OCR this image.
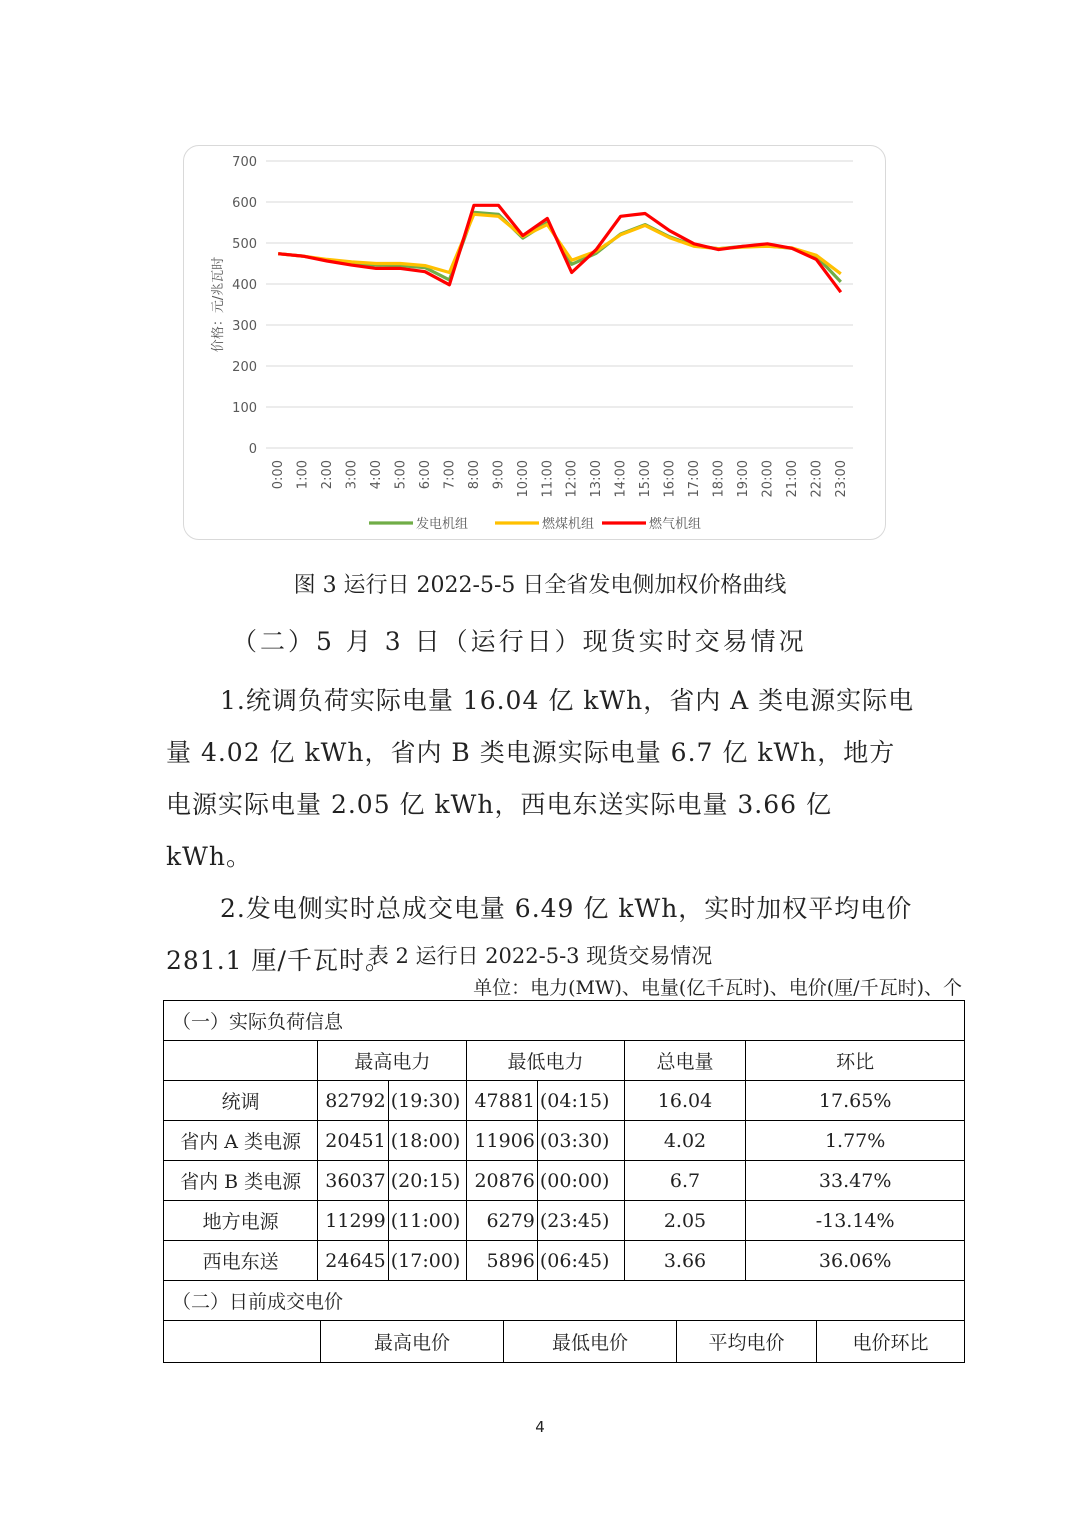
0
100
200
300
400
500
600
700
0:00 1:00 2:00 3:00 4:00 5:00 6:00 7:00 8:00 9:00 10:00 11:00 12:00 13:00 14:00 15:00 16:00 17:00 18:00 19:00 20:00 21:00 22:00 23:00
价格：元/兆瓦时
发电机组	燃煤机组	燃气机组
图 3 运行日 2022-5-5 日全省发电侧加权价格曲线
（二）5 月 3 日（运行日）现货实时交易情况

1.统调负荷实际电量 16.04 亿 kWh，省内 A 类电源实际电量 4.02 亿 kWh，省内 B 类电源实际电量 6.7 亿 kWh，地方电源实际电量 2.05 亿 kWh，西电东送实际电量 3.66 亿 kWh。

2.发电侧实时总成交电量 6.49 亿 kWh，实时加权平均电价 281.1 厘/千瓦时。

表 2 运行日 2022-5-3 现货交易情况
单位：电力(MW)、电量(亿千瓦时)、电价(厘/千瓦时)、个
（一）实际负荷信息						
	最高电力		最低电力		总电量	环比
统调	82792	(19:30)	47881	(04:15)	16.04	17.65%
省内 A 类电源	20451	(18:00)	11906	(03:30)	4.02	1.77%
省内 B 类电源	36037	(20:15)	20876	(00:00)	6.7	33.47%
地方电源	11299	(11:00)	6279	(23:45)	2.05	-13.14%
西电东送	24645	(17:00)	5896	(06:45)	3.66	36.06%
（二）日前成交电价						
	最高电价	最低电价	平均电价	电价环比
4
